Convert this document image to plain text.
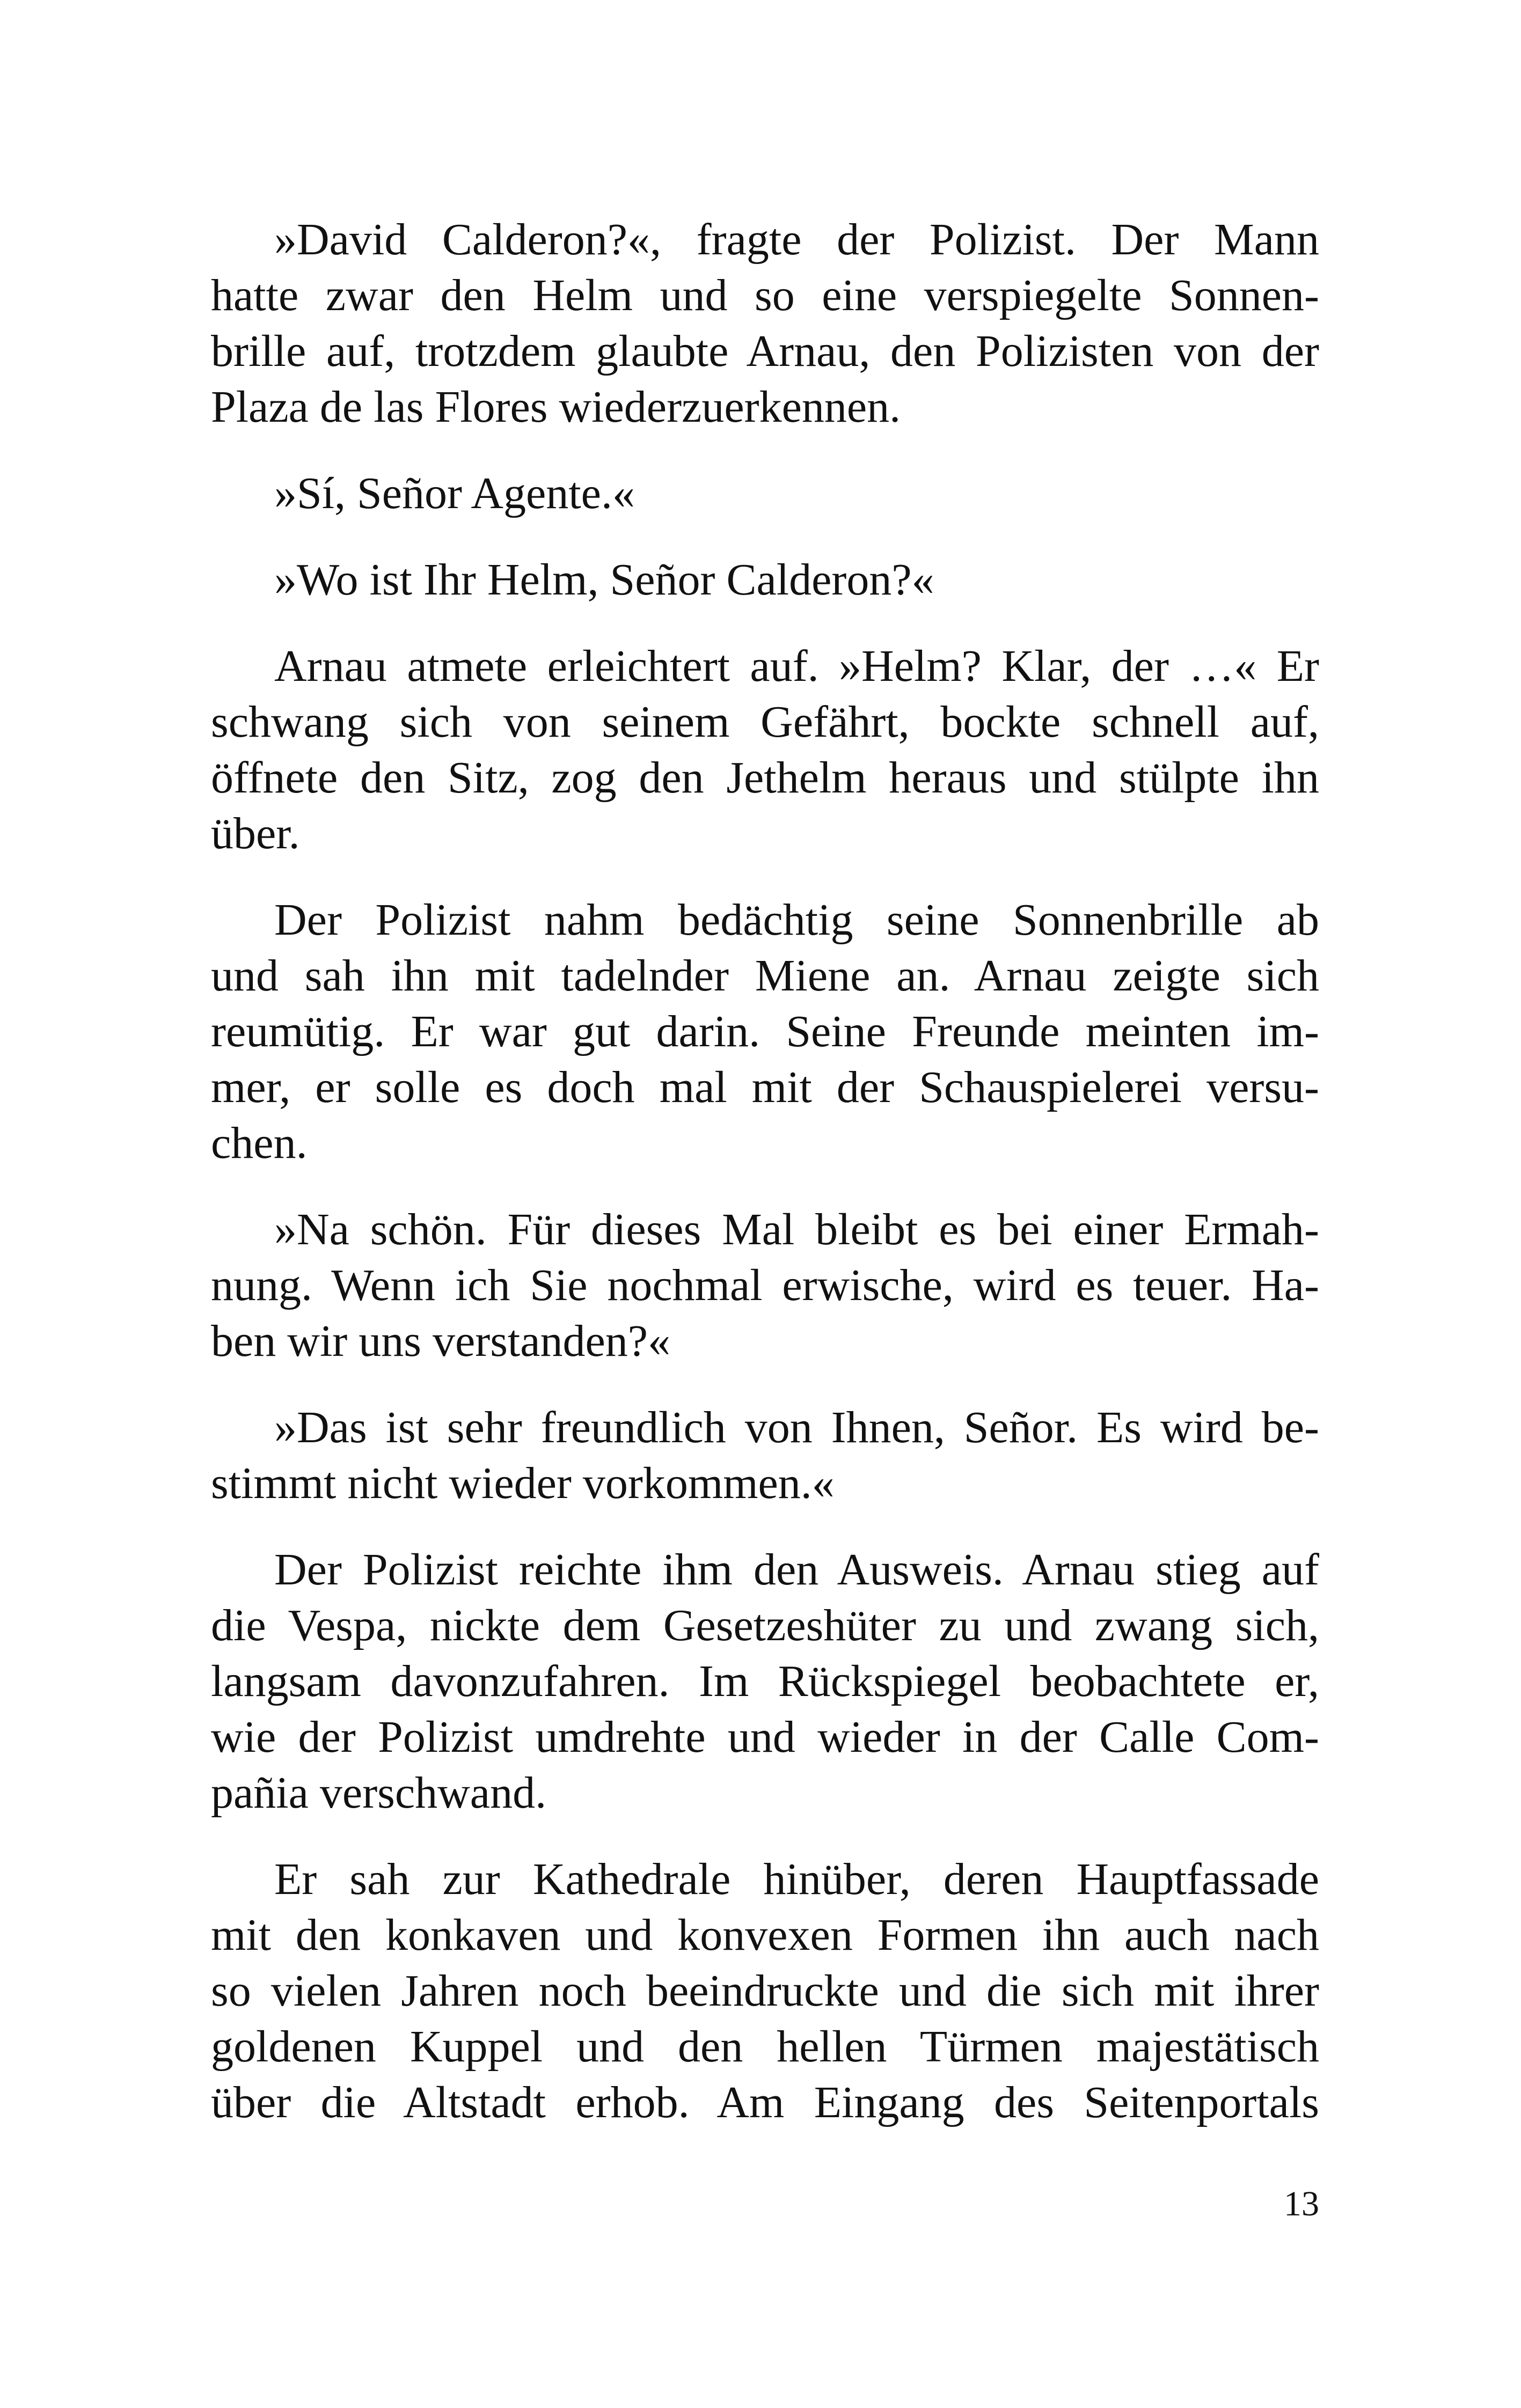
»David Calderon?«, fragte der Polizist. Der Mann
hatte zwar den Helm und so eine verspiegelte Sonnen-
brille auf, trotzdem glaubte Arnau, den Polizisten von der
Plaza de las Flores wiederzuerkennen.

»Sí, Señor Agente.«

»Wo ist Ihr Helm, Señor Calderon?«

Arnau atmete erleichtert auf. »Helm? Klar, der …« Er
schwang sich von seinem Gefährt, bockte schnell auf,
öffnete den Sitz, zog den Jethelm heraus und stülpte ihn
über.

Der Polizist nahm bedächtig seine Sonnenbrille ab
und sah ihn mit tadelnder Miene an. Arnau zeigte sich
reumütig. Er war gut darin. Seine Freunde meinten im-
mer, er solle es doch mal mit der Schauspielerei versu-
chen.

»Na schön. Für dieses Mal bleibt es bei einer Ermah-
nung. Wenn ich Sie nochmal erwische, wird es teuer. Ha-
ben wir uns verstanden?«

»Das ist sehr freundlich von Ihnen, Señor. Es wird be-
stimmt nicht wieder vorkommen.«

Der Polizist reichte ihm den Ausweis. Arnau stieg auf
die Vespa, nickte dem Gesetzeshüter zu und zwang sich,
langsam davonzufahren. Im Rückspiegel beobachtete er,
wie der Polizist umdrehte und wieder in der Calle Com-
pañia verschwand.

Er sah zur Kathedrale hinüber, deren Hauptfassade
mit den konkaven und konvexen Formen ihn auch nach
so vielen Jahren noch beeindruckte und die sich mit ihrer
goldenen Kuppel und den hellen Türmen majestätisch
über die Altstadt erhob. Am Eingang des Seitenportals

13
